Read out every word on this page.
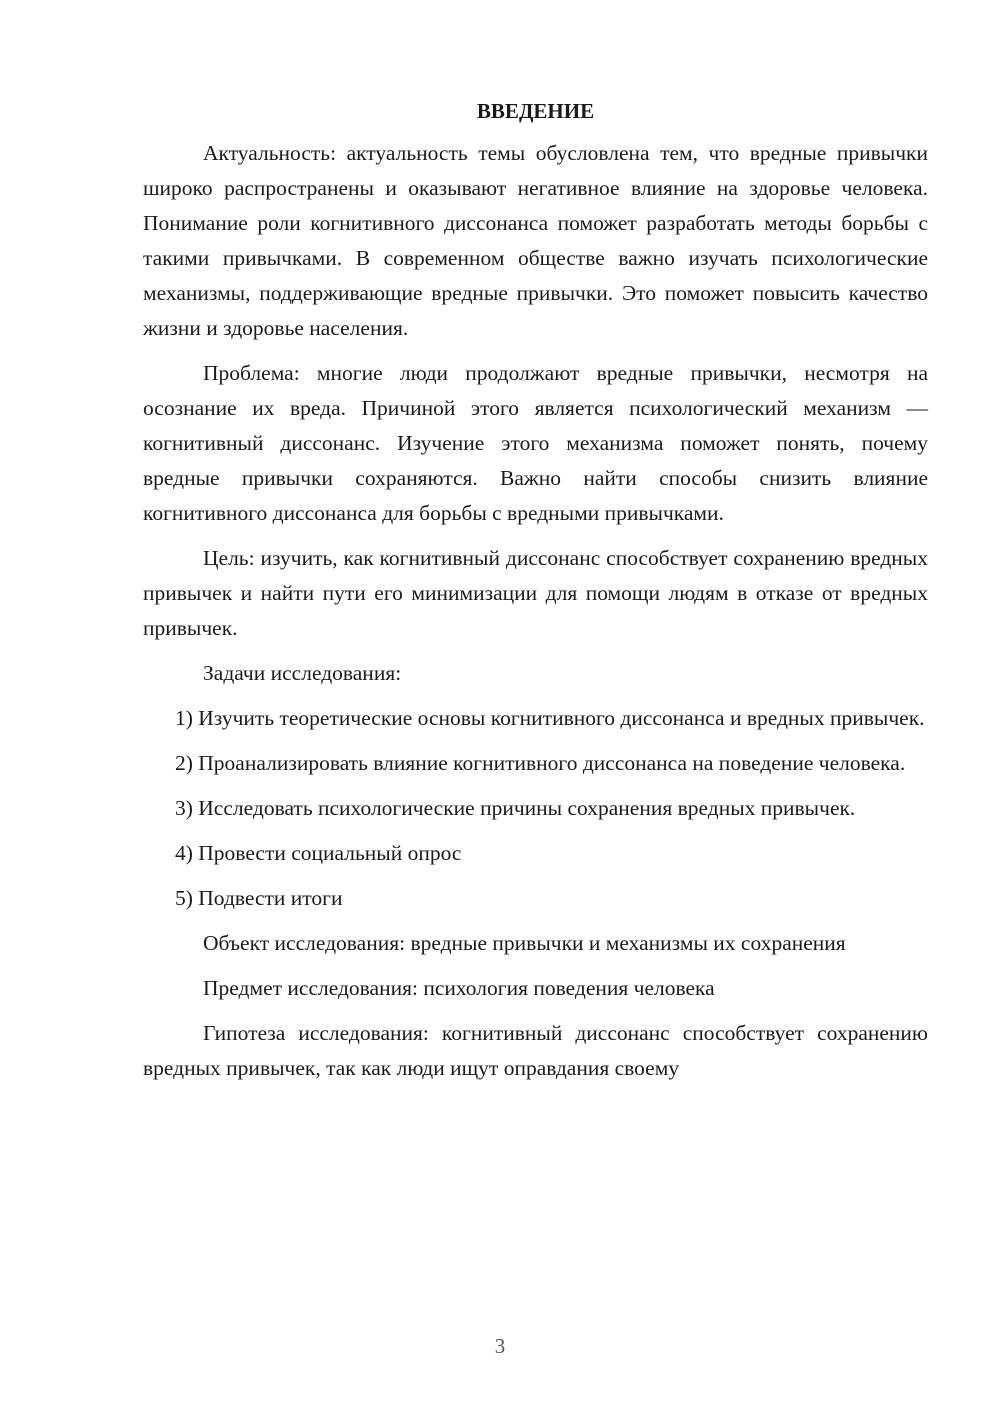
ВВЕДЕНИЕ
Актуальность: актуальность темы обусловлена тем, что вредные привычки широко распространены и оказывают негативное влияние на здоровье человека. Понимание роли когнитивного диссонанса поможет разработать методы борьбы с такими привычками. В современном обществе важно изучать психологические механизмы, поддерживающие вредные привычки. Это поможет повысить качество жизни и здоровье населения.
Проблема: многие люди продолжают вредные привычки, несмотря на осознание их вреда. Причиной этого является психологический механизм — когнитивный диссонанс. Изучение этого механизма поможет понять, почему вредные привычки сохраняются. Важно найти способы снизить влияние когнитивного диссонанса для борьбы с вредными привычками.
Цель: изучить, как когнитивный диссонанс способствует сохранению вредных привычек и найти пути его минимизации для помощи людям в отказе от вредных привычек.
Задачи исследования:
1) Изучить теоретические основы когнитивного диссонанса и вредных привычек.
2) Проанализировать влияние когнитивного диссонанса на поведение человека.
3) Исследовать психологические причины сохранения вредных привычек.
4) Провести социальный опрос
5) Подвести итоги
Объект исследования: вредные привычки и механизмы их сохранения
Предмет исследования: психология поведения человека
Гипотеза исследования: когнитивный диссонанс способствует сохранению вредных привычек, так как люди ищут оправдания своему
3
